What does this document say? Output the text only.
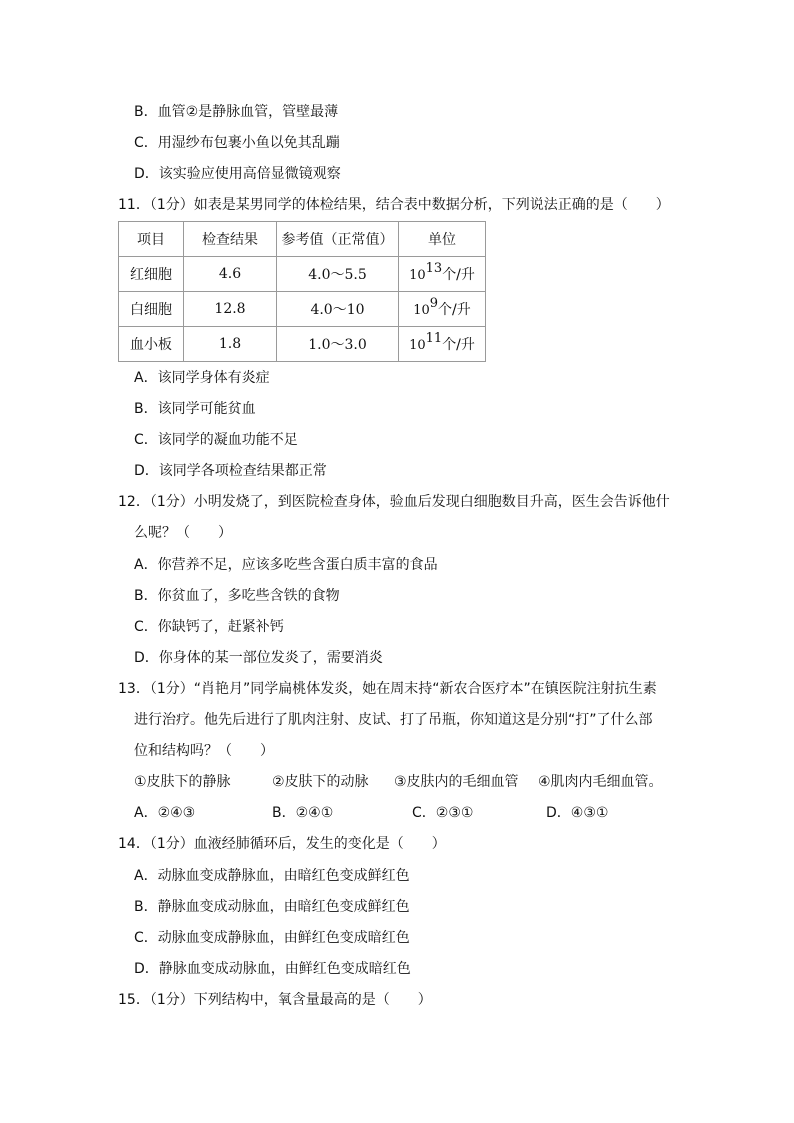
B．血管②是静脉血管，管壁最薄
C．用湿纱布包裹小鱼以免其乱蹦
D．该实验应使用高倍显微镜观察
11．（1分）如表是某男同学的体检结果，结合表中数据分析，下列说法正确的是（　　）
项目	检查结果	参考值（正常值）	单位
红细胞	4.6	4.0～5.5	$10^{13}$个/升
白细胞	12.8	4.0～10	$10^9$个/升
血小板	1.8	1.0～3.0	$10^{11}$个/升
A．该同学身体有炎症
B．该同学可能贫血
C．该同学的凝血功能不足
D．该同学各项检查结果都正常
12．（1分）小明发烧了，到医院检查身体，验血后发现白细胞数目升高，医生会告诉他什
么呢？（　　）
A．你营养不足，应该多吃些含蛋白质丰富的食品
B．你贫血了，多吃些含铁的食物
C．你缺钙了，赶紧补钙
D．你身体的某一部位发炎了，需要消炎
13．（1分）“肖艳月”同学扁桃体发炎，她在周末持“新农合医疗本”在镇医院注射抗生素
进行治疗。他先后进行了肌肉注射、皮试、打了吊瓶，你知道这是分别“打”了什么部
位和结构吗？（　　）
①皮肤下的静脉	②皮肤下的动脉 ③皮肤内的毛细血管 ④肌肉内毛细血管。
A．②④③	B．②④①	C．②③①	D．④③①
14．（1分）血液经肺循环后，发生的变化是（　　）
A．动脉血变成静脉血，由暗红色变成鲜红色
B．静脉血变成动脉血，由暗红色变成鲜红色
C．动脉血变成静脉血，由鲜红色变成暗红色
D．静脉血变成动脉血，由鲜红色变成暗红色
15．（1分）下列结构中，氧含量最高的是（　　）
